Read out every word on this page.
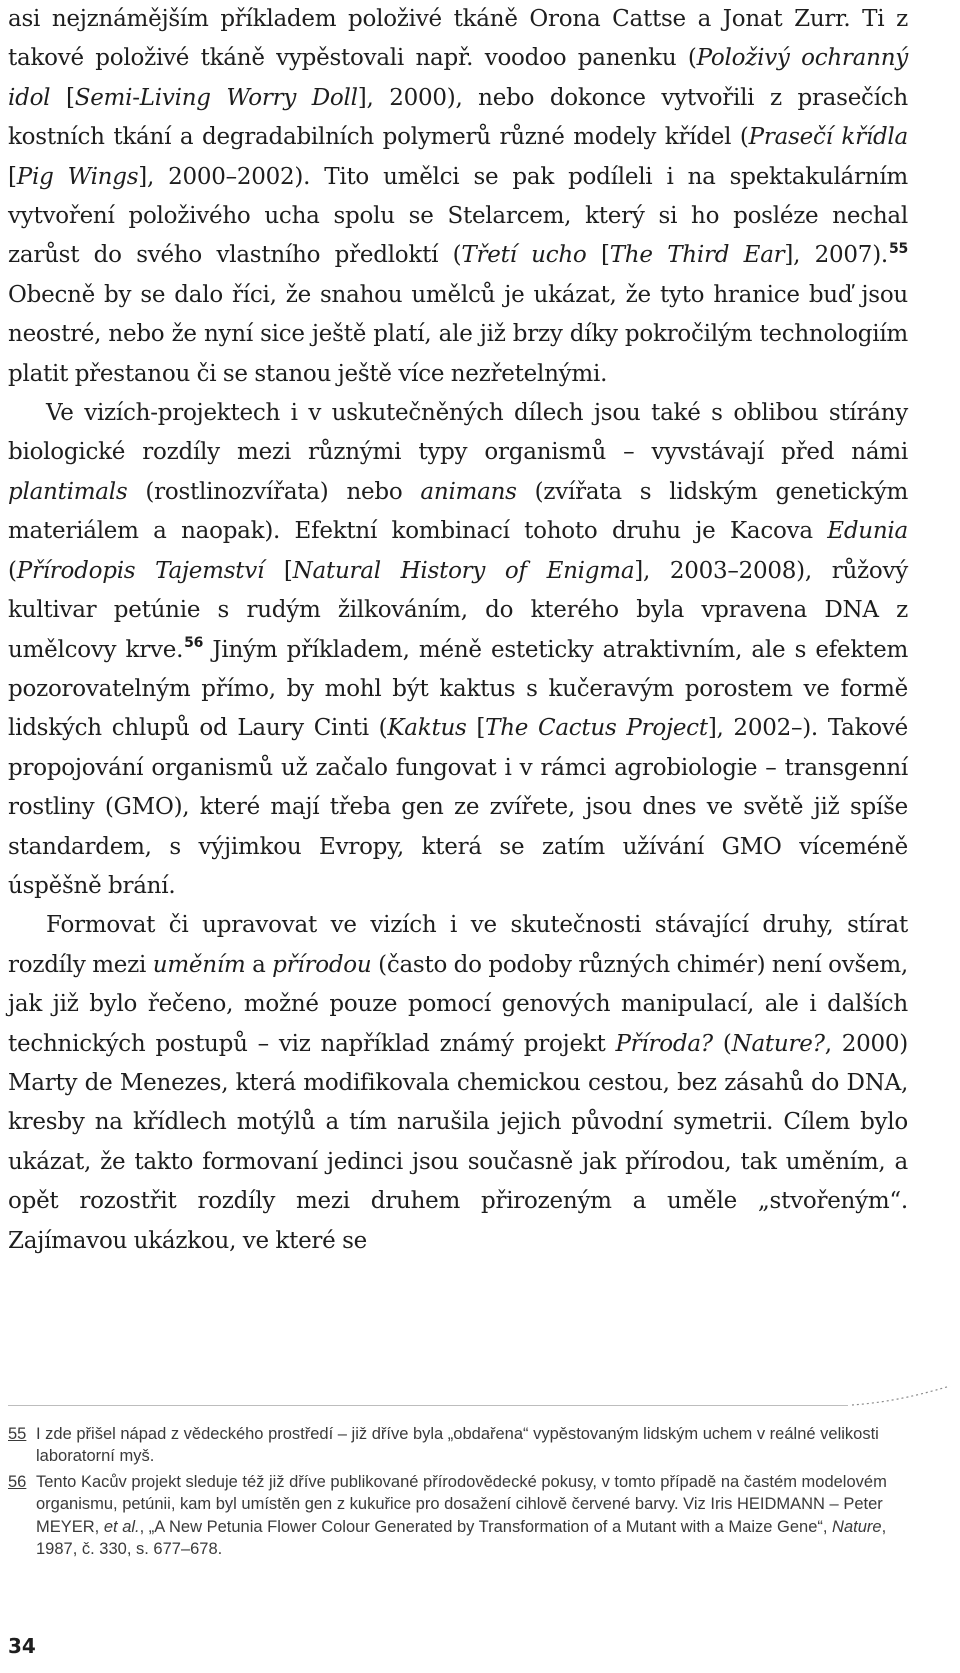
asi nejznámějším příkladem položivé tkáně Orona Cattse a Jonat Zurr. Ti z takové položivé tkáně vypěstovali např. voodoo panenku (Položivý ochranný idol [Semi-Living Worry Doll], 2000), nebo dokonce vytvořili z prasečích kostních tkání a degradabilních polymerů různé modely křídel (Prasečí křídla [Pig Wings], 2000–2002). Tito umělci se pak podíleli i na spektakulárním vytvoření položivého ucha spolu se Stelarcem, který si ho posléze nechal zarůst do svého vlastního předloktí (Třetí ucho [The Third Ear], 2007).$^{55}$ Obecně by se dalo říci, že snahou umělců je ukázat, že tyto hranice buď jsou neostré, nebo že nyní sice ještě platí, ale již brzy díky pokročilým technologiím platit přestanou či se stanou ještě více nezřetelnými.

Ve vizích-projektech i v uskutečněných dílech jsou také s oblibou stírány biologické rozdíly mezi různými typy organismů – vyvstávají před námi plantimals (rostlinozvířata) nebo animans (zvířata s lidským genetickým materiálem a naopak). Efektní kombinací tohoto druhu je Kacova Edunia (Přírodopis Tajemství [Natural History of Enigma], 2003–2008), růžový kultivar petúnie s rudým žilkováním, do kterého byla vpravena DNA z umělcovy krve.$^{56}$ Jiným příkladem, méně esteticky atraktivním, ale s efektem pozorovatelným přímo, by mohl být kaktus s kučeravým porostem ve formě lidských chlupů od Laury Cinti (Kaktus [The Cactus Project], 2002–). Takové propojování organismů už začalo fungovat i v rámci agrobiologie – transgenní rostliny (GMO), které mají třeba gen ze zvířete, jsou dnes ve světě již spíše standardem, s výjimkou Evropy, která se zatím užívání GMO víceméně úspěšně brání.

Formovat či upravovat ve vizích i ve skutečnosti stávající druhy, stírat rozdíly mezi uměním a přírodou (často do podoby různých chimér) není ovšem, jak již bylo řečeno, možné pouze pomocí genových manipulací, ale i dalších technických postupů – viz například známý projekt Příroda? (Nature?, 2000) Marty de Menezes, která modifikovala chemickou cestou, bez zásahů do DNA, kresby na křídlech motýlů a tím narušila jejich původní symetrii. Cílem bylo ukázat, že takto formovaní jedinci jsou současně jak přírodou, tak uměním, a opět rozostřit rozdíly mezi druhem přirozeným a uměle „stvořeným“. Zajímavou ukázkou, ve které se

55 I zde přišel nápad z vědeckého prostředí – již dříve byla „obdařena“ vypěstovaným lidským uchem v reálné velikosti laboratorní myš.
56 Tento Kacův projekt sleduje též již dříve publikované přírodovědecké pokusy, v tomto případě na častém modelovém organismu, petúnii, kam byl umístěn gen z kukuřice pro dosažení cihlově červené barvy. Viz Iris HEIDMANN – Peter MEYER, et al., „A New Petunia Flower Colour Generated by Transformation of a Mutant with a Maize Gene“, Nature, 1987, č. 330, s. 677–678.
34
